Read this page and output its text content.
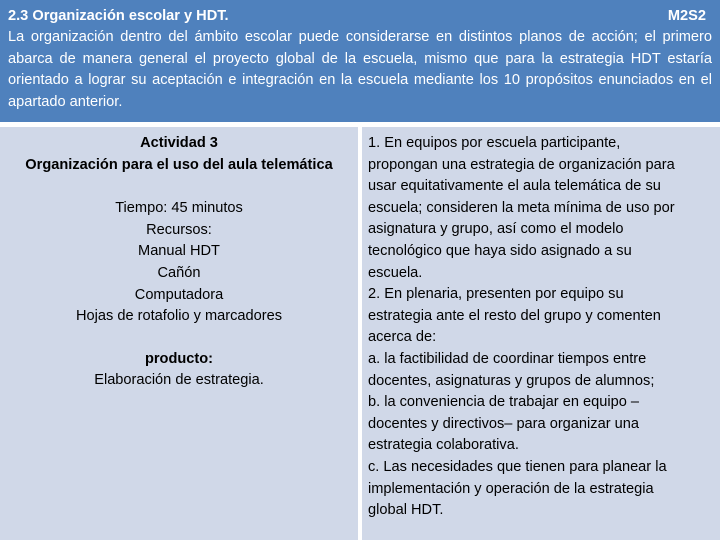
2.3 Organización escolar y HDT.	M2S2
La organización dentro del ámbito escolar puede considerarse en distintos planos de acción; el primero abarca de manera general el proyecto global de la escuela, mismo que para la estrategia HDT estaría orientado a lograr su aceptación e integración en la escuela mediante los 10 propósitos enunciados en el apartado anterior.
Actividad 3
Organización para el uso del aula telemática
Tiempo: 45 minutos
Recursos:
Manual HDT
Cañón
Computadora
Hojas de rotafolio y marcadores
producto:
Elaboración de estrategia.
1. En equipos por escuela participante,
propongan una estrategia de organización para
usar equitativamente el aula telemática de su
escuela; consideren la meta mínima de uso por
asignatura y grupo, así como el modelo
tecnológico que haya sido asignado a su
escuela.
2. En plenaria, presenten por equipo su
estrategia ante el resto del grupo y comenten
acerca de:
a. la factibilidad de coordinar tiempos entre
docentes, asignaturas y grupos de alumnos;
b. la conveniencia de trabajar en equipo –
docentes y directivos– para organizar una
estrategia colaborativa.
c. Las necesidades que tienen para planear la
implementación y operación de la estrategia
global HDT.
